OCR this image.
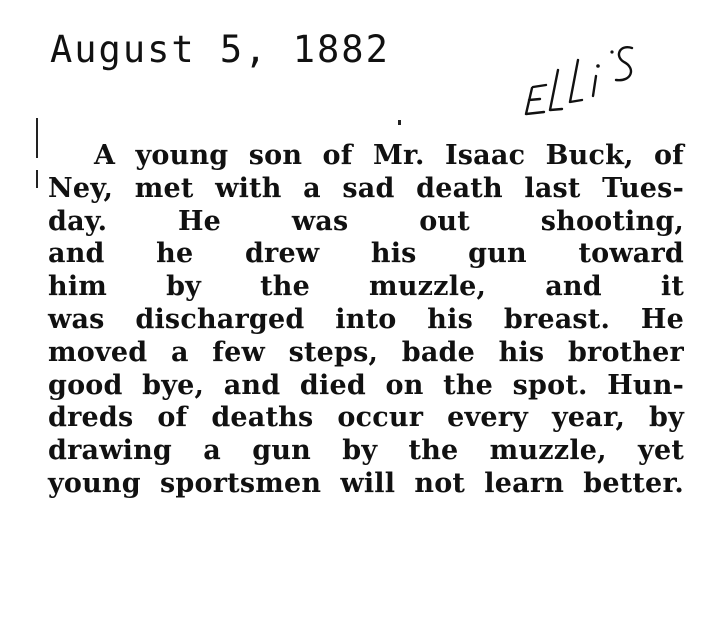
August 5, 1882
A young son of Mr. Isaac Buck, of
Ney, met with a sad death last Tues-
day. He was out shooting,
and he drew his gun toward
him by the muzzle, and it
was discharged into his breast. He
moved a few steps, bade his brother
good bye, and died on the spot. Hun-
dreds of deaths occur every year, by
drawing a gun by the muzzle, yet
young sportsmen will not learn better.
